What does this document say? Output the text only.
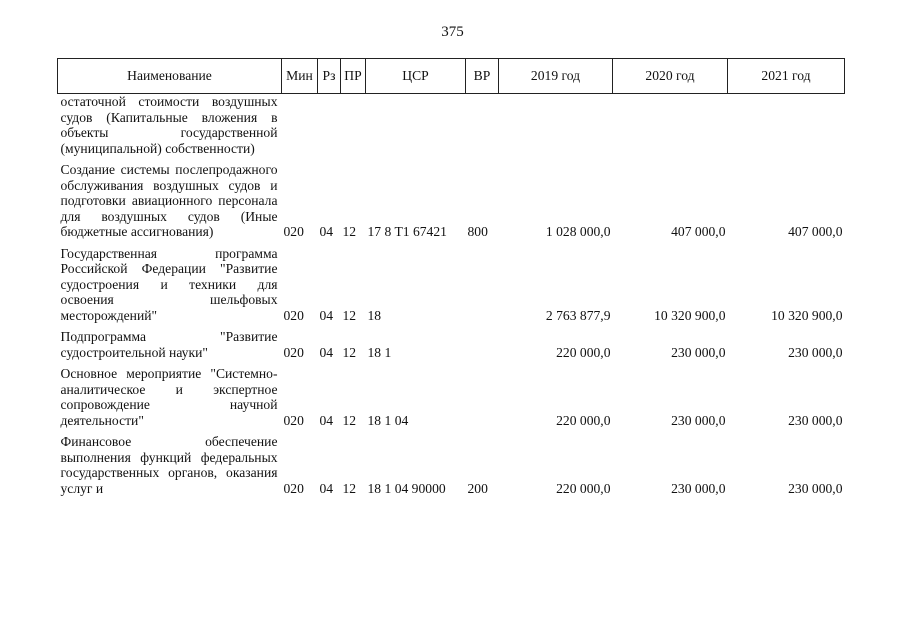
375
Наименование	Мин	Рз	ПР	ЦСР	ВР	2019 год	2020 год	2021 год
остаточной стоимости воздушных судов (Капитальные вложения в объекты государственной (муниципальной) собственности)								
Создание системы послепродажного обслуживания воздушных судов и подготовки авиационного персонала для воздушных судов (Иные бюджетные ассигнования)	020	04	12	17 8 T1 67421	800	1 028 000,0	407 000,0	407 000,0
Государственная программа Российской Федерации "Развитие судостроения и техники для освоения шельфовых месторождений"	020	04	12	18		2 763 877,9	10 320 900,0	10 320 900,0
Подпрограмма "Развитие судостроительной науки"	020	04	12	18 1		220 000,0	230 000,0	230 000,0
Основное мероприятие "Системно-аналитическое и экспертное сопровождение научной деятельности"	020	04	12	18 1 04		220 000,0	230 000,0	230 000,0
Финансовое обеспечение выполнения функций федеральных государственных органов, оказания услуг и	020	04	12	18 1 04 90000	200	220 000,0	230 000,0	230 000,0
